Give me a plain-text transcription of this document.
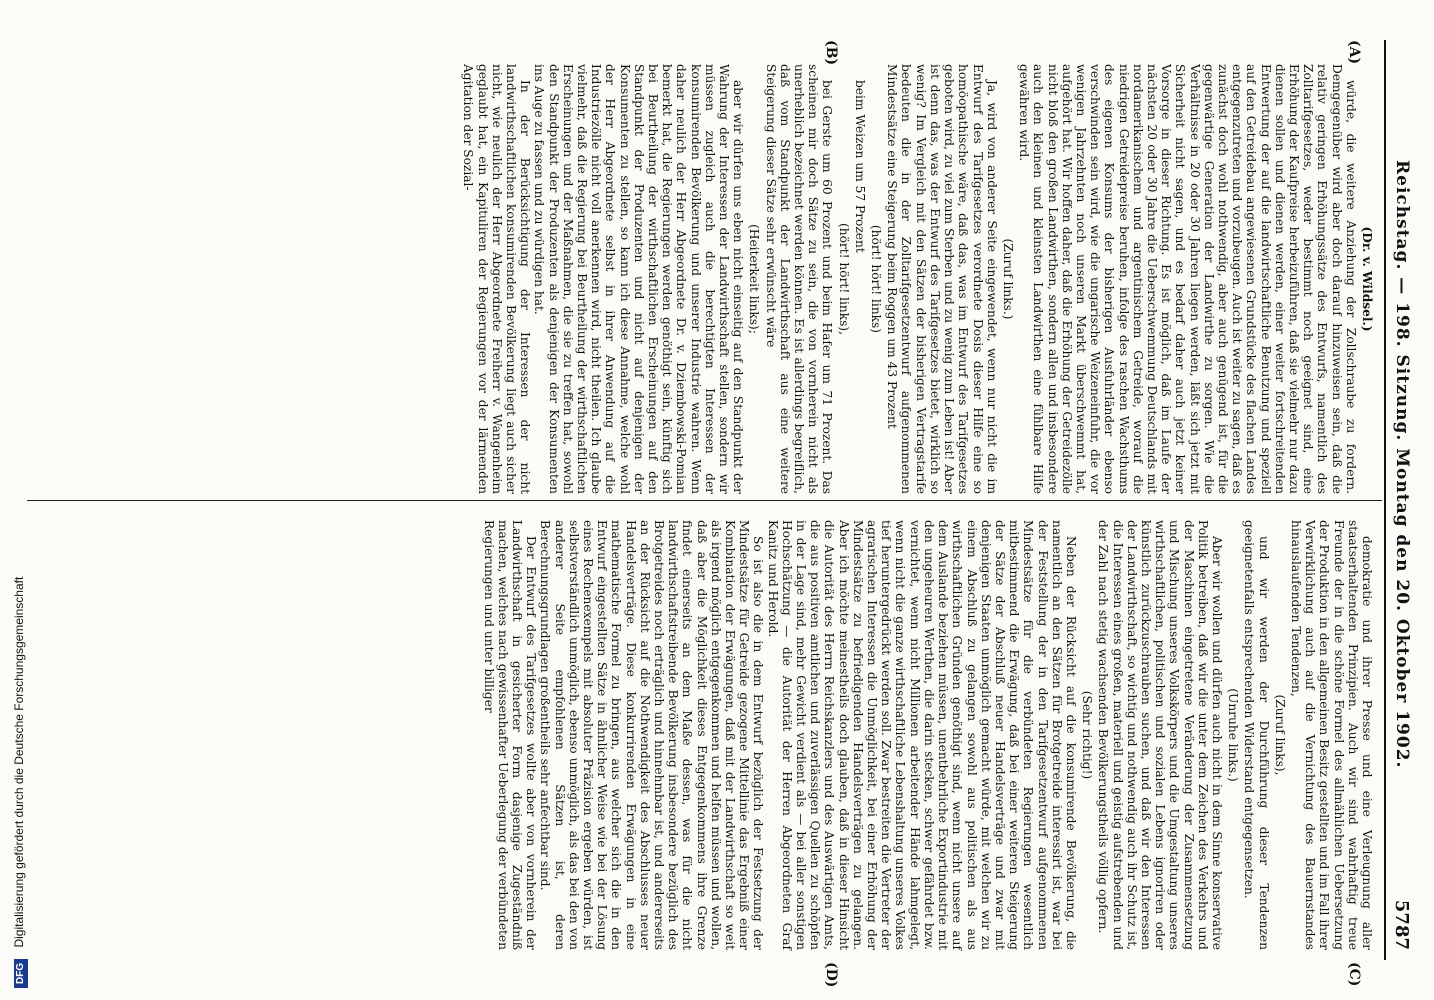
Reichstag. — 198. Sitzung. Montag den 20. Oktober 1902.
5787
(A)
(B)
(C)
(D)
(Dr. v. Wildsel.)

würde, die weitere Anziehung der Zollschraube zu fordern. Demgegenüber wird aber doch darauf hinzuweisen sein, daß die relativ geringen Erhöhungssätze des Entwurfs, namentlich des Zolltarifgesetzes, weder bestimmt noch geeignet sind, eine Erhöhung der Kaufpreise herbeizuführen, daß sie vielmehr nur dazu dienen sollen und dienen werden, einer weiter fortschreitenden Entwertung der auf die landwirtschaftliche Benutzung und speziell auf den Getreidebau angewiesenen Grundstücke des flachen Landes entgegenzutreten und vorzubeugen. Auch ist weiter zu sagen, daß es zunächst doch wohl nothwendig, aber auch genügend ist, für die gegenwärtige Generation der Landwirthe zu sorgen. Wie die Verhältnisse in 20 oder 30 Jahren liegen werden, läßt sich jetzt mit Sicherheit nicht sagen, und es bedarf daher auch jetzt keiner Vorsorge in dieser Richtung. Es ist möglich, daß im Laufe der nächsten 20 oder 30 Jahre die Ueberschwemmung Deutschlands mit nordamerikanischem und argentinischem Getreide, worauf die niedrigen Getreidepreise beruhen, infolge des raschen Wachsthums des eigenen Konsums der bisherigen Ausfuhrländer ebenso verschwinden sein wird, wie die ungarische Weizeneinfuhr, die vor wenigen Jahrzehnten noch unseren Markt überschwemmt hat, aufgehört hat. Wir hoffen daher, daß die Erhöhung der Getreidezölle nicht bloß den großen Landwirthen, sondern allen und insbesondere auch den kleinen und kleinsten Landwirthen eine fühlbare Hilfe gewähren wird.

(Zuruf links.)

Ja, wird von anderer Seite eingewendet, wenn nur nicht die im Entwurf des Tarifgesetzes verordnete Dosis dieser Hilfe eine so homöopathische wäre, daß das, was im Entwurf des Tarifgesetzes geboten wird, zu viel zum Sterben und zu wenig zum Leben ist! Aber ist denn das, was der Entwurf des Tarifgesetzes bietet, wirklich so wenig? Im Vergleich mit den Sätzen der bisherigen Vertragstarife bedeuten die in der Zolltarifgesetzentwurf aufgenommenen Mindestsätze eine Steigerung beim Roggen um 43 Prozent

(hört! hört! links)

beim Weizen um 57 Prozent

(hört! hört! links),

bei Gerste um 60 Prozent und beim Hafer um 71 Prozent. Das scheinen mir doch Sätze zu sein, die von vornherein nicht als unerheblich bezeichnet werden können. Es ist allerdings begreiflich, daß vom Standpunkt der Landwirthschaft aus eine weitere Steigerung dieser Sätze sehr erwünscht wäre

(Heiterkeit links);

aber wir dürfen uns eben nicht einseitig auf den Standpunkt der Wahrung der Interessen der Landwirthschaft stellen, sondern wir müssen zugleich auch die berechtigten Interessen der konsumirenden Bevölkerung und unserer Industrie wahren. Wenn daher neulich der Herr Abgeordnete Dr. v. Dziembowski-Pomian bemerkt hat, die Regierungen werden genöthigt sein, künftig sich bei Beurtheilung der wirthschaftlichen Erscheinungen auf den Standpunkt der Produzenten und nicht auf denjenigen der Konsumenten zu stellen, so kann ich diese Annahme, welche wohl der Herr Abgeordnete selbst in ihrer Anwendung auf die Industriezölle nicht voll anerkennen wird, nicht theilen. Ich glaube vielmehr, daß die Regierung bei Beurtheilung der wirthschaftlichen Erscheinungen und der Maßnahmen, die sie zu treffen hat, sowohl den Standpunkt der Produzenten als denjenigen der Konsumenten ins Auge zu fassen und zu würdigen hat.

In der Berücksichtigung der Interessen der nicht landwirthschaftlichen konsumirenden Bevölkerung liegt auch sicher nicht, wie neulich der Herr Abgeordnete Freiherr v. Wangenheim geglaubt hat, ein Kapituliren der Regierungen vor der lärmenden Agitation der Sozial-

demokratie und ihrer Presse und eine Verleugnung aller staatserhaltenden Prinzipien. Auch wir sind wahrhaftig treue Freunde der in die schöne Formel des allmählichen Uebersetzung der Produktion in den allgemeinen Besitz gestellten und im Fall ihrer Verwirklichung auch auf die Vernichtung des Bauernstandes hinauslaufenden Tendenzen,

(Zuruf links),

und wir werden der Durchführung dieser Tendenzen geeignetenfalls entsprechenden Widerstand entgegensetzen.

(Unruhe links.)

Aber wir wollen und dürfen auch nicht in dem Sinne konservative Politik betreiben, daß wir die unter dem Zeichen des Verkehrs und der Maschinen eingetretene Veränderung der Zusammensetzung und Mischung unseres Volkskörpers und die Umgestaltung unseres wirthschaftlichen, politischen und sozialen Lebens ignoriren oder künstlich zurückzuschrauben suchen, und daß wir den Interessen der Landwirthschaft, so wichtig und nothwendig auch ihr Schutz ist, die Interessen eines großen, materiell und geistig aufstrebenden und der Zahl nach stetig wachsenden Bevölkerungstheils völlig opfern.

(Sehr richtig!)

Neben der Rücksicht auf die konsumirende Bevölkerung, die namentlich an den Sätzen für Brotgetreide interessirt ist, war bei der Feststellung der in den Tarifgesetzentwurf aufgenommenen Mindestsätze für die verbündeten Regierungen wesentlich mitbestimmend die Erwägung, daß bei einer weiteren Steigerung der Sätze der Abschluß neuer Handelsverträge und zwar mit denjenigen Staaten unmöglich gemacht würde, mit welchen wir zu einem Abschluß zu gelangen sowohl aus politischen als aus wirthschaftlichen Gründen genöthigt sind, wenn nicht unsere auf dem Auslande beziehen müssen, unentbehrliche Exportindustrie mit den ungeheuren Werthen, die darin stecken, schwer gefährdet bzw. vernichtet, wenn nicht Millionen arbeitender Hände lahmgelegt, wenn nicht die ganze wirthschaftliche Lebenshaltung unseres Volkes tief heruntergedrückt werden soll. Zwar bestreiten die Vertreter der agrarischen Interessen die Unmöglichkeit, bei einer Erhöhung der Mindestsätze zu befriedigenden Handelsverträgen zu gelangen. Aber ich möchte meinestheils doch glauben, daß in dieser Hinsicht die Autorität des Herrn Reichskanzlers und des Auswärtigen Amts, die aus positiven amtlichen und zuverlässigen Quellen zu schöpfen in der Lage sind, mehr Gewicht verdient als — bei aller sonstigen Hochschätzung — die Autorität der Herren Abgeordneten Graf Kanitz und Herold.

So ist also die in dem Entwurf bezüglich der Festsetzung der Mindestsätze für Getreide gezogene Mittellinie das Ergebniß einer Kombination der Erwägungen, daß mit der Landwirthschaft so weit als irgend möglich entgegenkommen und helfen müssen und wollen, daß aber die Möglichkeit dieses Entgegenkommens ihre Grenze findet einerseits an dem Maße dessen, was für die nicht landwirthschaftstreibende Bevölkerung insbesondere bezüglich des Brotgetreides noch erträglich und hinnehmbar ist, und andererseits an der Rücksicht auf die Nothwendigkeit des Abschlusses neuer Handelsverträge. Diese konkurrirenden Erwägungen in eine mathematische Formel zu bringen, aus welcher sich die in den Entwurf eingestellten Sätze in ähnlicher Weise wie bei der Lösung eines Rechenexempels mit absoluter Präzision ergeben würden, ist selbstverständlich unmöglich, ebenso unmöglich, als das bei den von anderer Seite empfohlenen Sätzen ist, deren Berechnungsgrundlagen großentheils sehr anfechtbar sind.

Der Entwurf des Tarifgesetzes wollte aber von vornherein der Landwirthschaft in gesicherter Form dasjenige Zugeständniß machen, welches nach gewissenhafter Ueberlegung der verbündeten Regierungen und unter billiger

DFG Digitalisierung gefördert durch die Deutsche Forschungsgemeinschaft
